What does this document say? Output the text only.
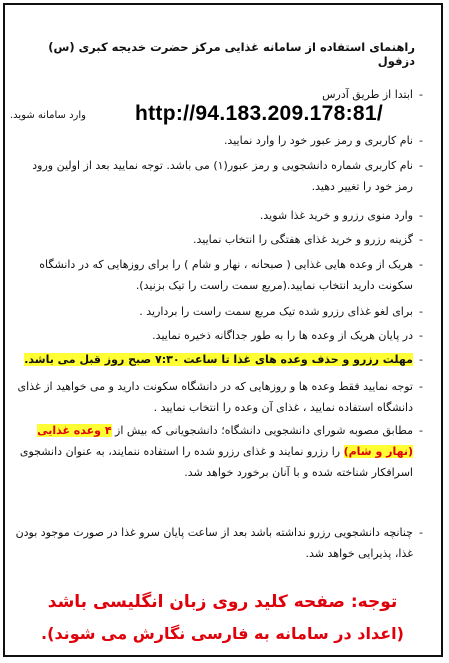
راهنمای استفاده از سامانه غذایی مرکز حضرت خدیجه کبری (س) دزفول
- ابتدا از طریق آدرس
http://94.183.209.178:81/
وارد سامانه شوید.
- نام کاربری و رمز عبور خود را وارد نمایید.
- نام کاربری شماره دانشجویی و رمز عبور(۱) می باشد. توجه نمایید بعد از اولین ورود رمز خود را تغییر دهید.
- وارد منوی رزرو و خرید غذا شوید.
- گزینه رزرو و خرید غذای هفتگی را انتخاب نمایید.
- هریک از وعده هایی غذایی ( صبحانه ، نهار و شام ) را برای روزهایی که در دانشگاه سکونت دارید انتخاب نمایید.(مربع سمت راست را تیک بزنید).
- برای لغو غذای رزرو شده تیک مربع سمت راست را بردارید .
- در پایان هریک از وعده ها را به طور جداگانه ذخیره نمایید.
- مهلت رزرو و حذف وعده های غذا تا ساعت ۷:۳۰ صبح روز قبل می باشد.
- توجه نمایید فقط وعده ها و روزهایی که در دانشگاه سکونت دارید و می خواهید از غذای دانشگاه استفاده نمایید ، غذای آن وعده را انتخاب نمایید .
- مطابق مصوبه شورای دانشجویی دانشگاه؛ دانشجویانی که بیش از ۴ وعده غذایی (نهار و شام) را رزرو نمایند و غذای رزرو شده را استفاده ننمایند، به عنوان دانشجوی اسرافکار شناخته شده و با آنان برخورد خواهد شد.
- چنانچه دانشجویی رزرو نداشته باشد بعد از ساعت پایان سرو غذا در صورت موجود بودن غذا، پذیرایی خواهد شد.
توجه: صفحه کلید روی زبان انگلیسی باشد
(اعداد در سامانه به فارسی نگارش می شوند).
